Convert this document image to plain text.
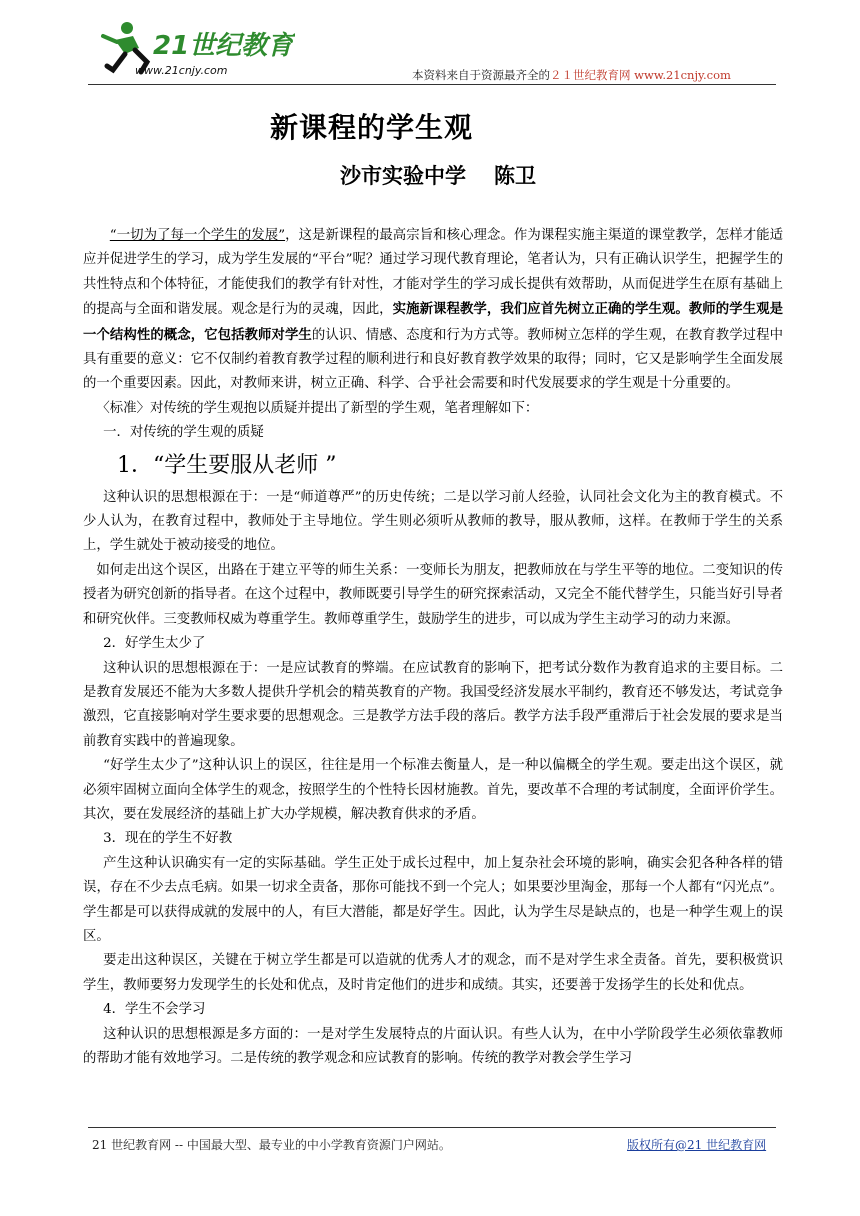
21世纪教育
www.21cnjy.com	本资料来自于资源最齐全的２１世纪教育网 www.21cnjy.com
新课程的学生观
沙市实验中学 陈卫

“一切为了每一个学生的发展”，这是新课程的最高宗旨和核心理念。作为课程实施主渠道的课堂教学，怎样才能适应并促进学生的学习，成为学生发展的“平台”呢？通过学习现代教育理论，笔者认为，只有正确认识学生，把握学生的共性特点和个体特征，才能使我们的教学有针对性，才能对学生的学习成长提供有效帮助，从而促进学生在原有基础上的提高与全面和谐发展。观念是行为的灵魂，因此，实施新课程教学，我们应首先树立正确的学生观。教师的学生观是一个结构性的概念，它包括教师对学生的认识、情感、态度和行为方式等。教师树立怎样的学生观，在教育教学过程中具有重要的意义：它不仅制约着教育教学过程的顺利进行和良好教育教学效果的取得；同时，它又是影响学生全面发展的一个重要因素。因此，对教师来讲，树立正确、科学、合乎社会需要和时代发展要求的学生观是十分重要的。

〈标准〉对传统的学生观抱以质疑并提出了新型的学生观，笔者理解如下：

一．对传统的学生观的质疑

1．“学生要服从老师 ”

这种认识的思想根源在于：一是“师道尊严”的历史传统；二是以学习前人经验，认同社会文化为主的教育模式。不少人认为，在教育过程中，教师处于主导地位。学生则必须听从教师的教导，服从教师，这样。在教师于学生的关系上，学生就处于被动接受的地位。

如何走出这个误区，出路在于建立平等的师生关系：一变师长为朋友，把教师放在与学生平等的地位。二变知识的传授者为研究创新的指导者。在这个过程中，教师既要引导学生的研究探索活动，又完全不能代替学生，只能当好引导者和研究伙伴。三变教师权威为尊重学生。教师尊重学生，鼓励学生的进步，可以成为学生主动学习的动力来源。

2．好学生太少了

这种认识的思想根源在于：一是应试教育的弊端。在应试教育的影响下，把考试分数作为教育追求的主要目标。二是教育发展还不能为大多数人提供升学机会的精英教育的产物。我国受经济发展水平制约，教育还不够发达，考试竞争激烈，它直接影响对学生要求要的思想观念。三是教学方法手段的落后。教学方法手段严重滞后于社会发展的要求是当前教育实践中的普遍现象。

“好学生太少了”这种认识上的误区，往往是用一个标准去衡量人，是一种以偏概全的学生观。要走出这个误区，就必须牢固树立面向全体学生的观念，按照学生的个性特长因材施教。首先，要改革不合理的考试制度，全面评价学生。其次，要在发展经济的基础上扩大办学规模，解决教育供求的矛盾。

3．现在的学生不好教

产生这种认识确实有一定的实际基础。学生正处于成长过程中，加上复杂社会环境的影响，确实会犯各种各样的错误，存在不少去点毛病。如果一切求全责备，那你可能找不到一个完人；如果要沙里淘金，那每一个人都有“闪光点”。学生都是可以获得成就的发展中的人，有巨大潜能，都是好学生。因此，认为学生尽是缺点的，也是一种学生观上的误区。

要走出这种误区，关键在于树立学生都是可以造就的优秀人才的观念，而不是对学生求全责备。首先，要积极赏识学生，教师要努力发现学生的长处和优点，及时肯定他们的进步和成绩。其实，还要善于发扬学生的长处和优点。

4．学生不会学习

这种认识的思想根源是多方面的：一是对学生发展特点的片面认识。有些人认为，在中小学阶段学生必须依靠教师的帮助才能有效地学习。二是传统的教学观念和应试教育的影响。传统的教学对教会学生学习

21 世纪教育网 -- 中国最大型、最专业的中小学教育资源门户网站。	版权所有@21 世纪教育网
